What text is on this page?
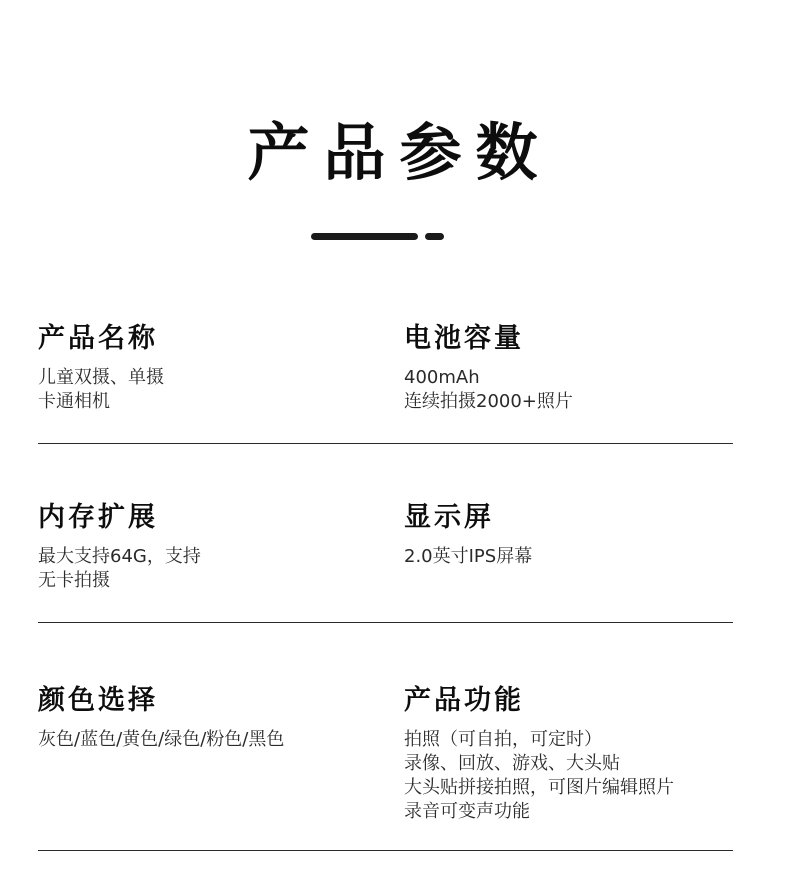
产品参数
产品名称
儿童双摄、单摄
卡通相机
电池容量
400mAh
连续拍摄2000+照片
内存扩展
最大支持64G，支持
无卡拍摄
显示屏
2.0英寸IPS屏幕
颜色选择
灰色/蓝色/黄色/绿色/粉色/黑色
产品功能
拍照（可自拍，可定时）
录像、回放、游戏、大头贴
大头贴拼接拍照，可图片编辑照片
录音可变声功能
